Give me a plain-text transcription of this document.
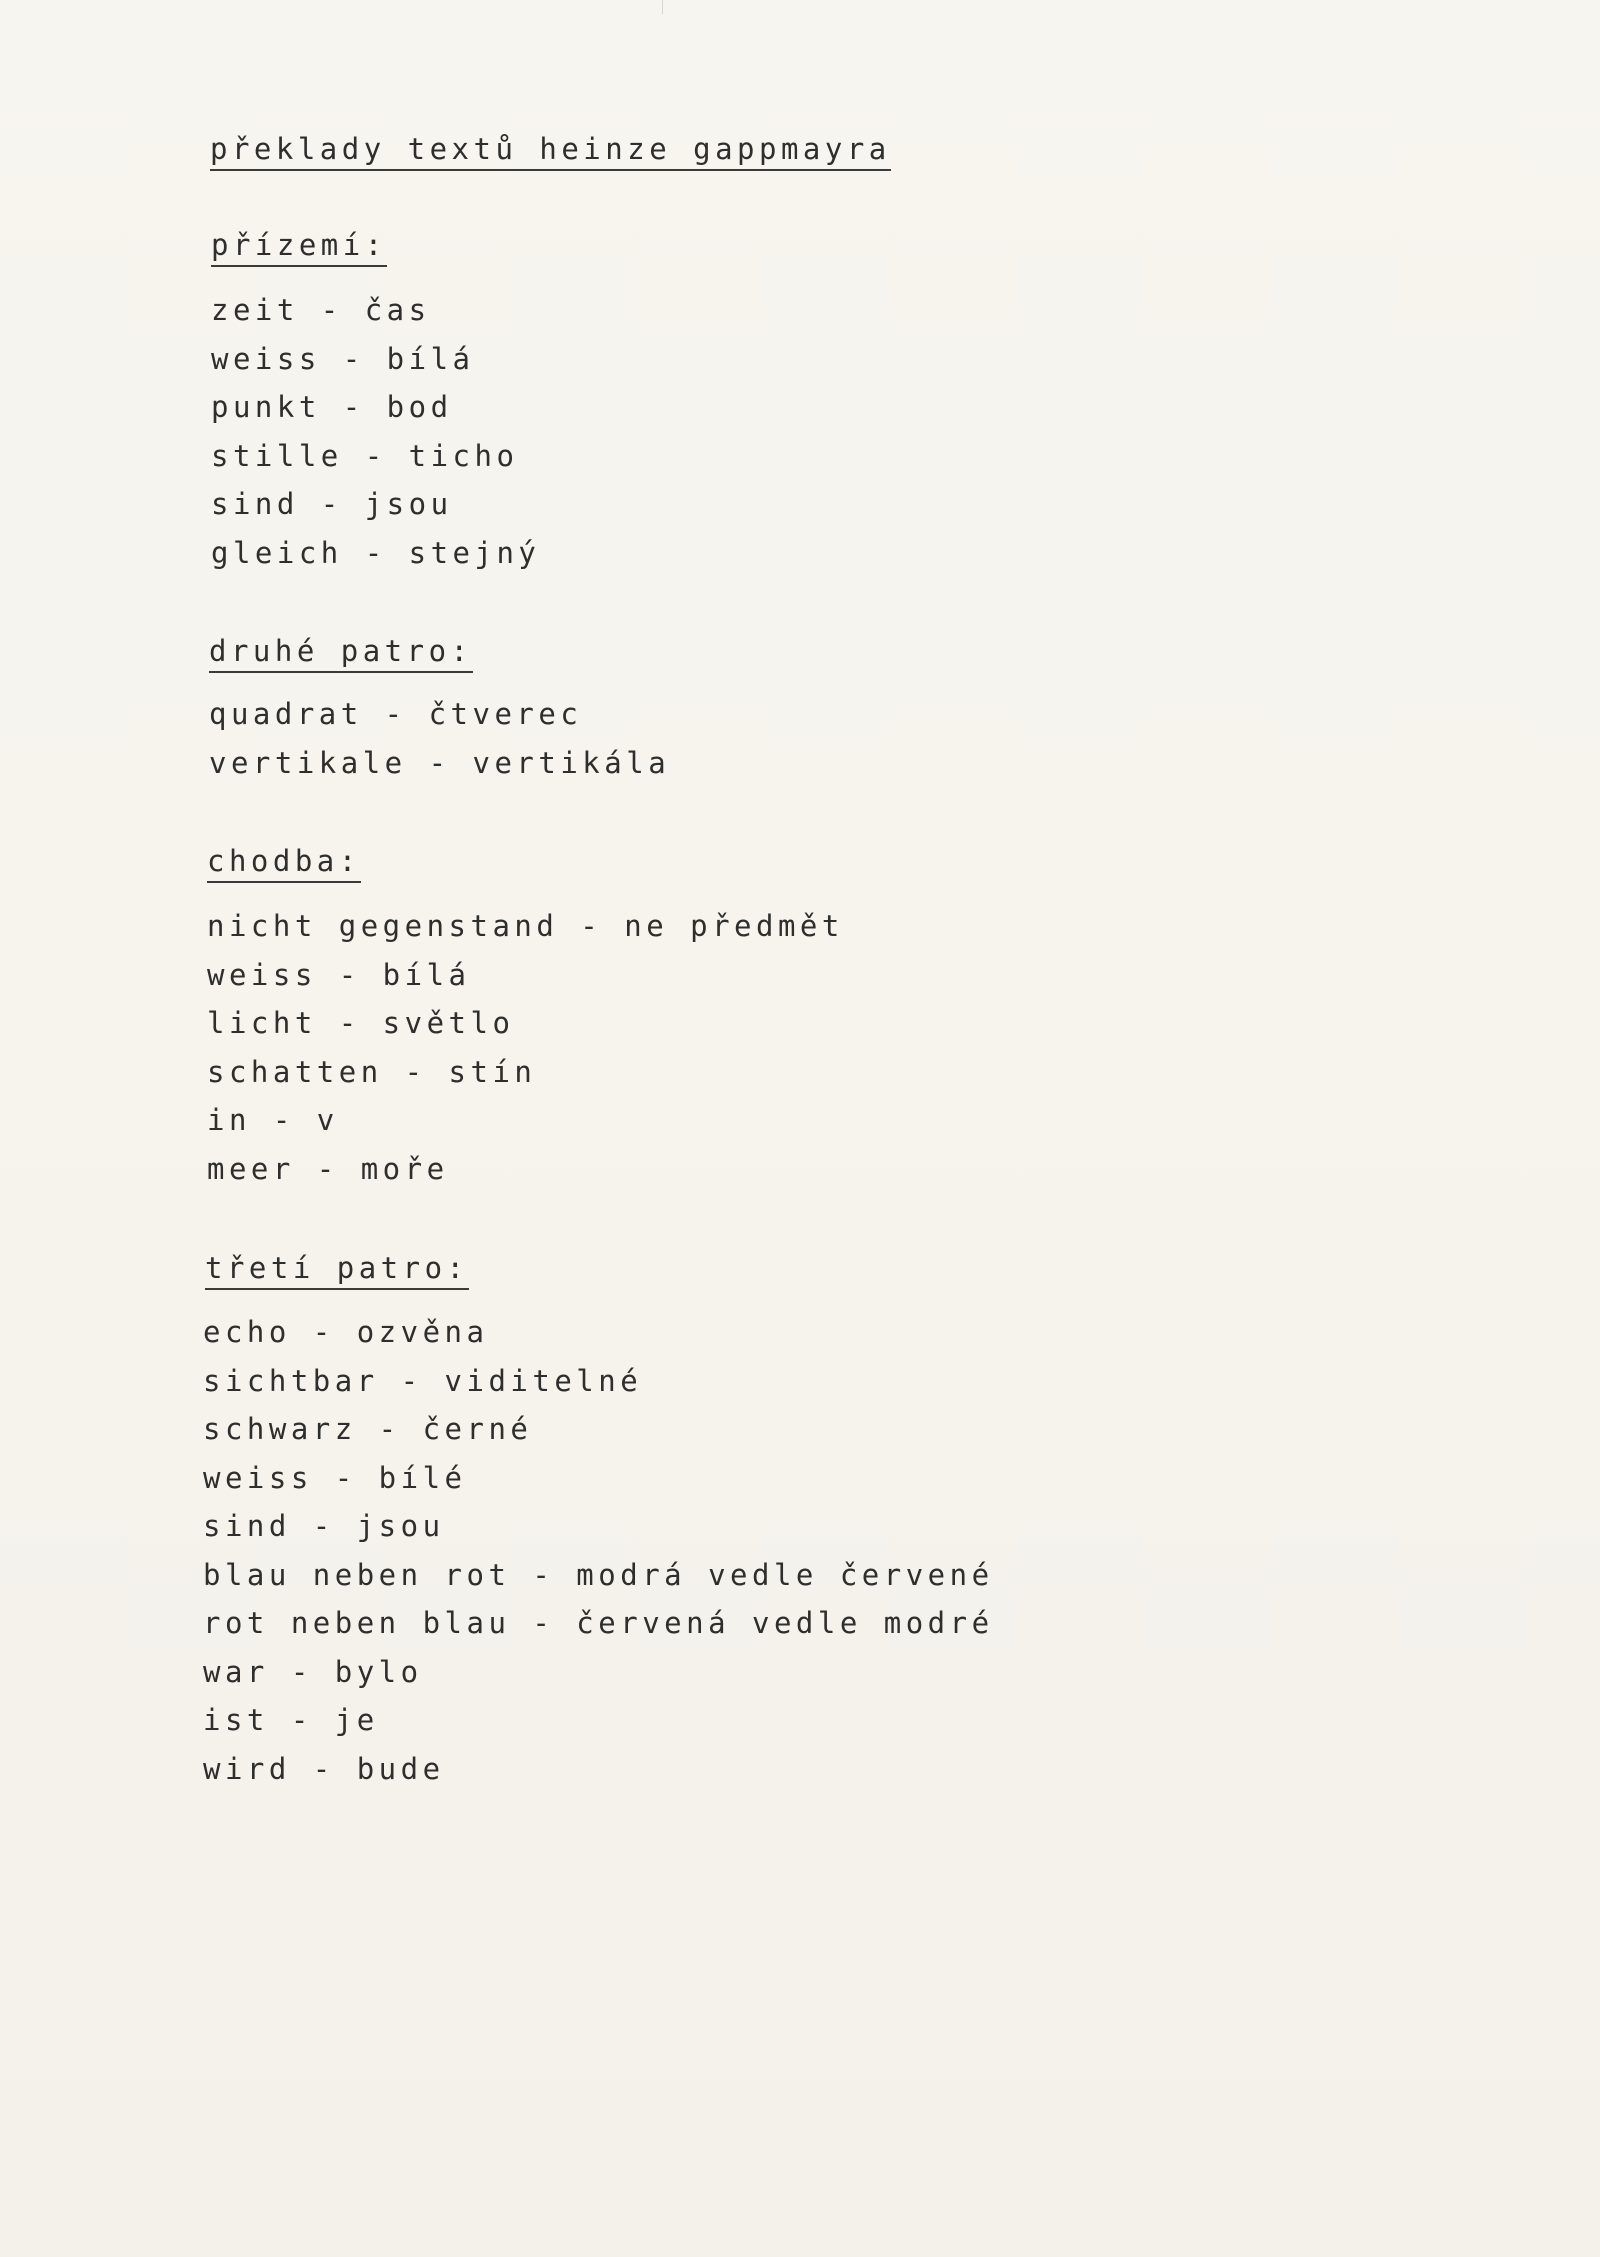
překlady textů heinze gappmayra
přízemí:
zeit - čas
weiss - bílá
punkt - bod
stille - ticho
sind - jsou
gleich - stejný
druhé patro:
quadrat - čtverec
vertikale - vertikála
chodba:
nicht gegenstand - ne předmět
weiss - bílá
licht - světlo
schatten - stín
in - v
meer - moře
třetí patro:
echo - ozvěna
sichtbar - viditelné
schwarz - černé
weiss - bílé
sind - jsou
blau neben rot - modrá vedle červené
rot neben blau - červená vedle modré
war - bylo
ist - je
wird - bude
